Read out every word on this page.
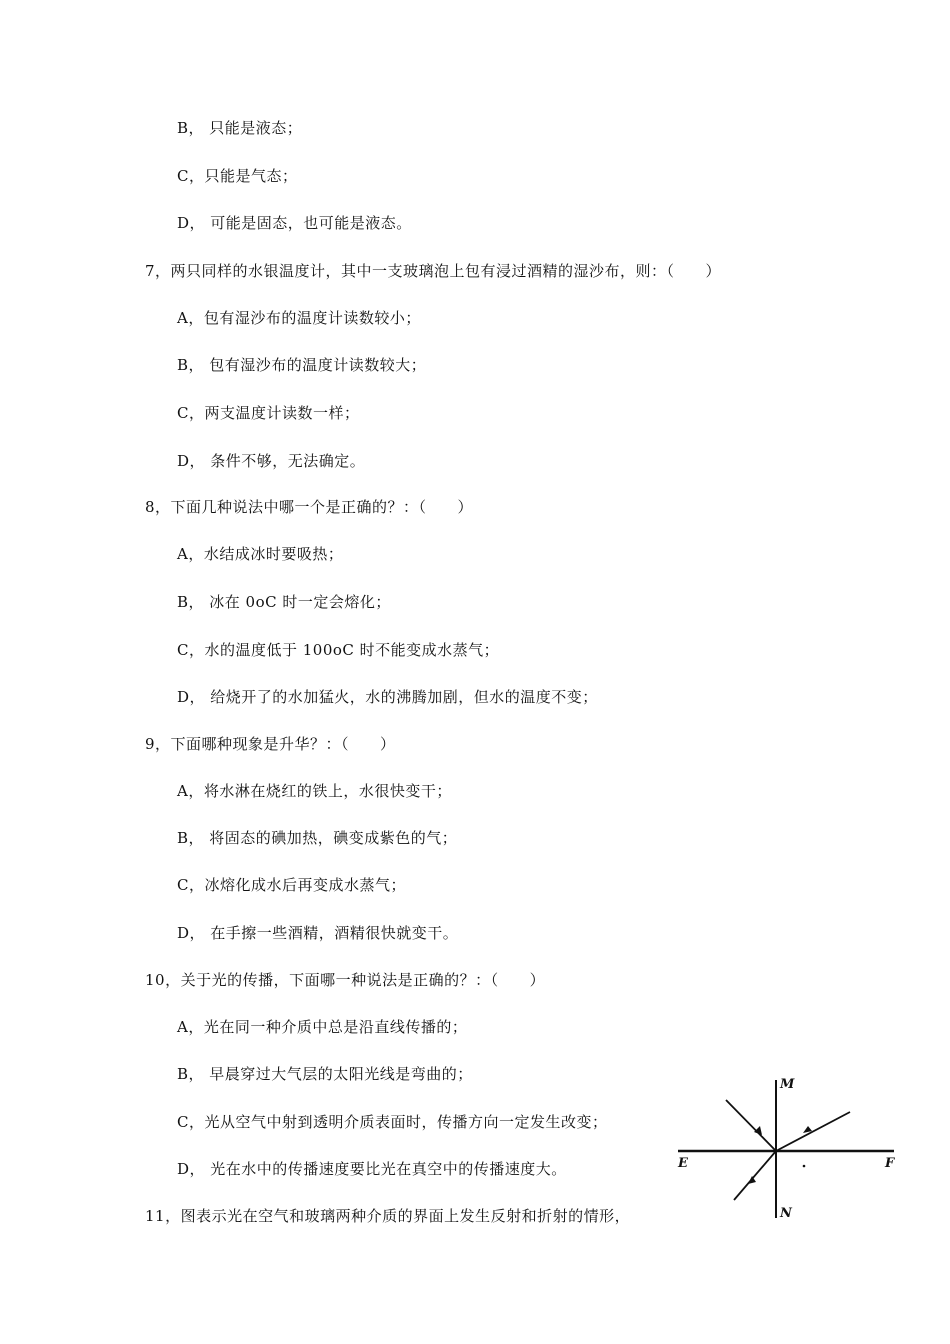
B， 只能是液态；
C，只能是气态；
D， 可能是固态，也可能是液态。
7，两只同样的水银温度计，其中一支玻璃泡上包有浸过酒精的湿沙布，则：（　　）
A，包有湿沙布的温度计读数较小；
B， 包有湿沙布的温度计读数较大；
C，两支温度计读数一样；
D， 条件不够，无法确定。
8，下面几种说法中哪一个是正确的？：（　　）
A，水结成冰时要吸热；
B， 冰在 0oC 时一定会熔化；
C，水的温度低于 100oC 时不能变成水蒸气；
D， 给烧开了的水加猛火，水的沸腾加剧，但水的温度不变；
9，下面哪种现象是升华？：（　　）
A，将水淋在烧红的铁上，水很快变干；
B， 将固态的碘加热，碘变成紫色的气；
C，冰熔化成水后再变成水蒸气；
D， 在手擦一些酒精，酒精很快就变干。
10，关于光的传播，下面哪一种说法是正确的？：（　　）
A，光在同一种介质中总是沿直线传播的；
B， 早晨穿过大气层的太阳光线是弯曲的；
C，光从空气中射到透明介质表面时，传播方向一定发生改变；
D， 光在水中的传播速度要比光在真空中的传播速度大。
11，图表示光在空气和玻璃两种介质的界面上发生反射和折射的情形，
M
N
E	F
